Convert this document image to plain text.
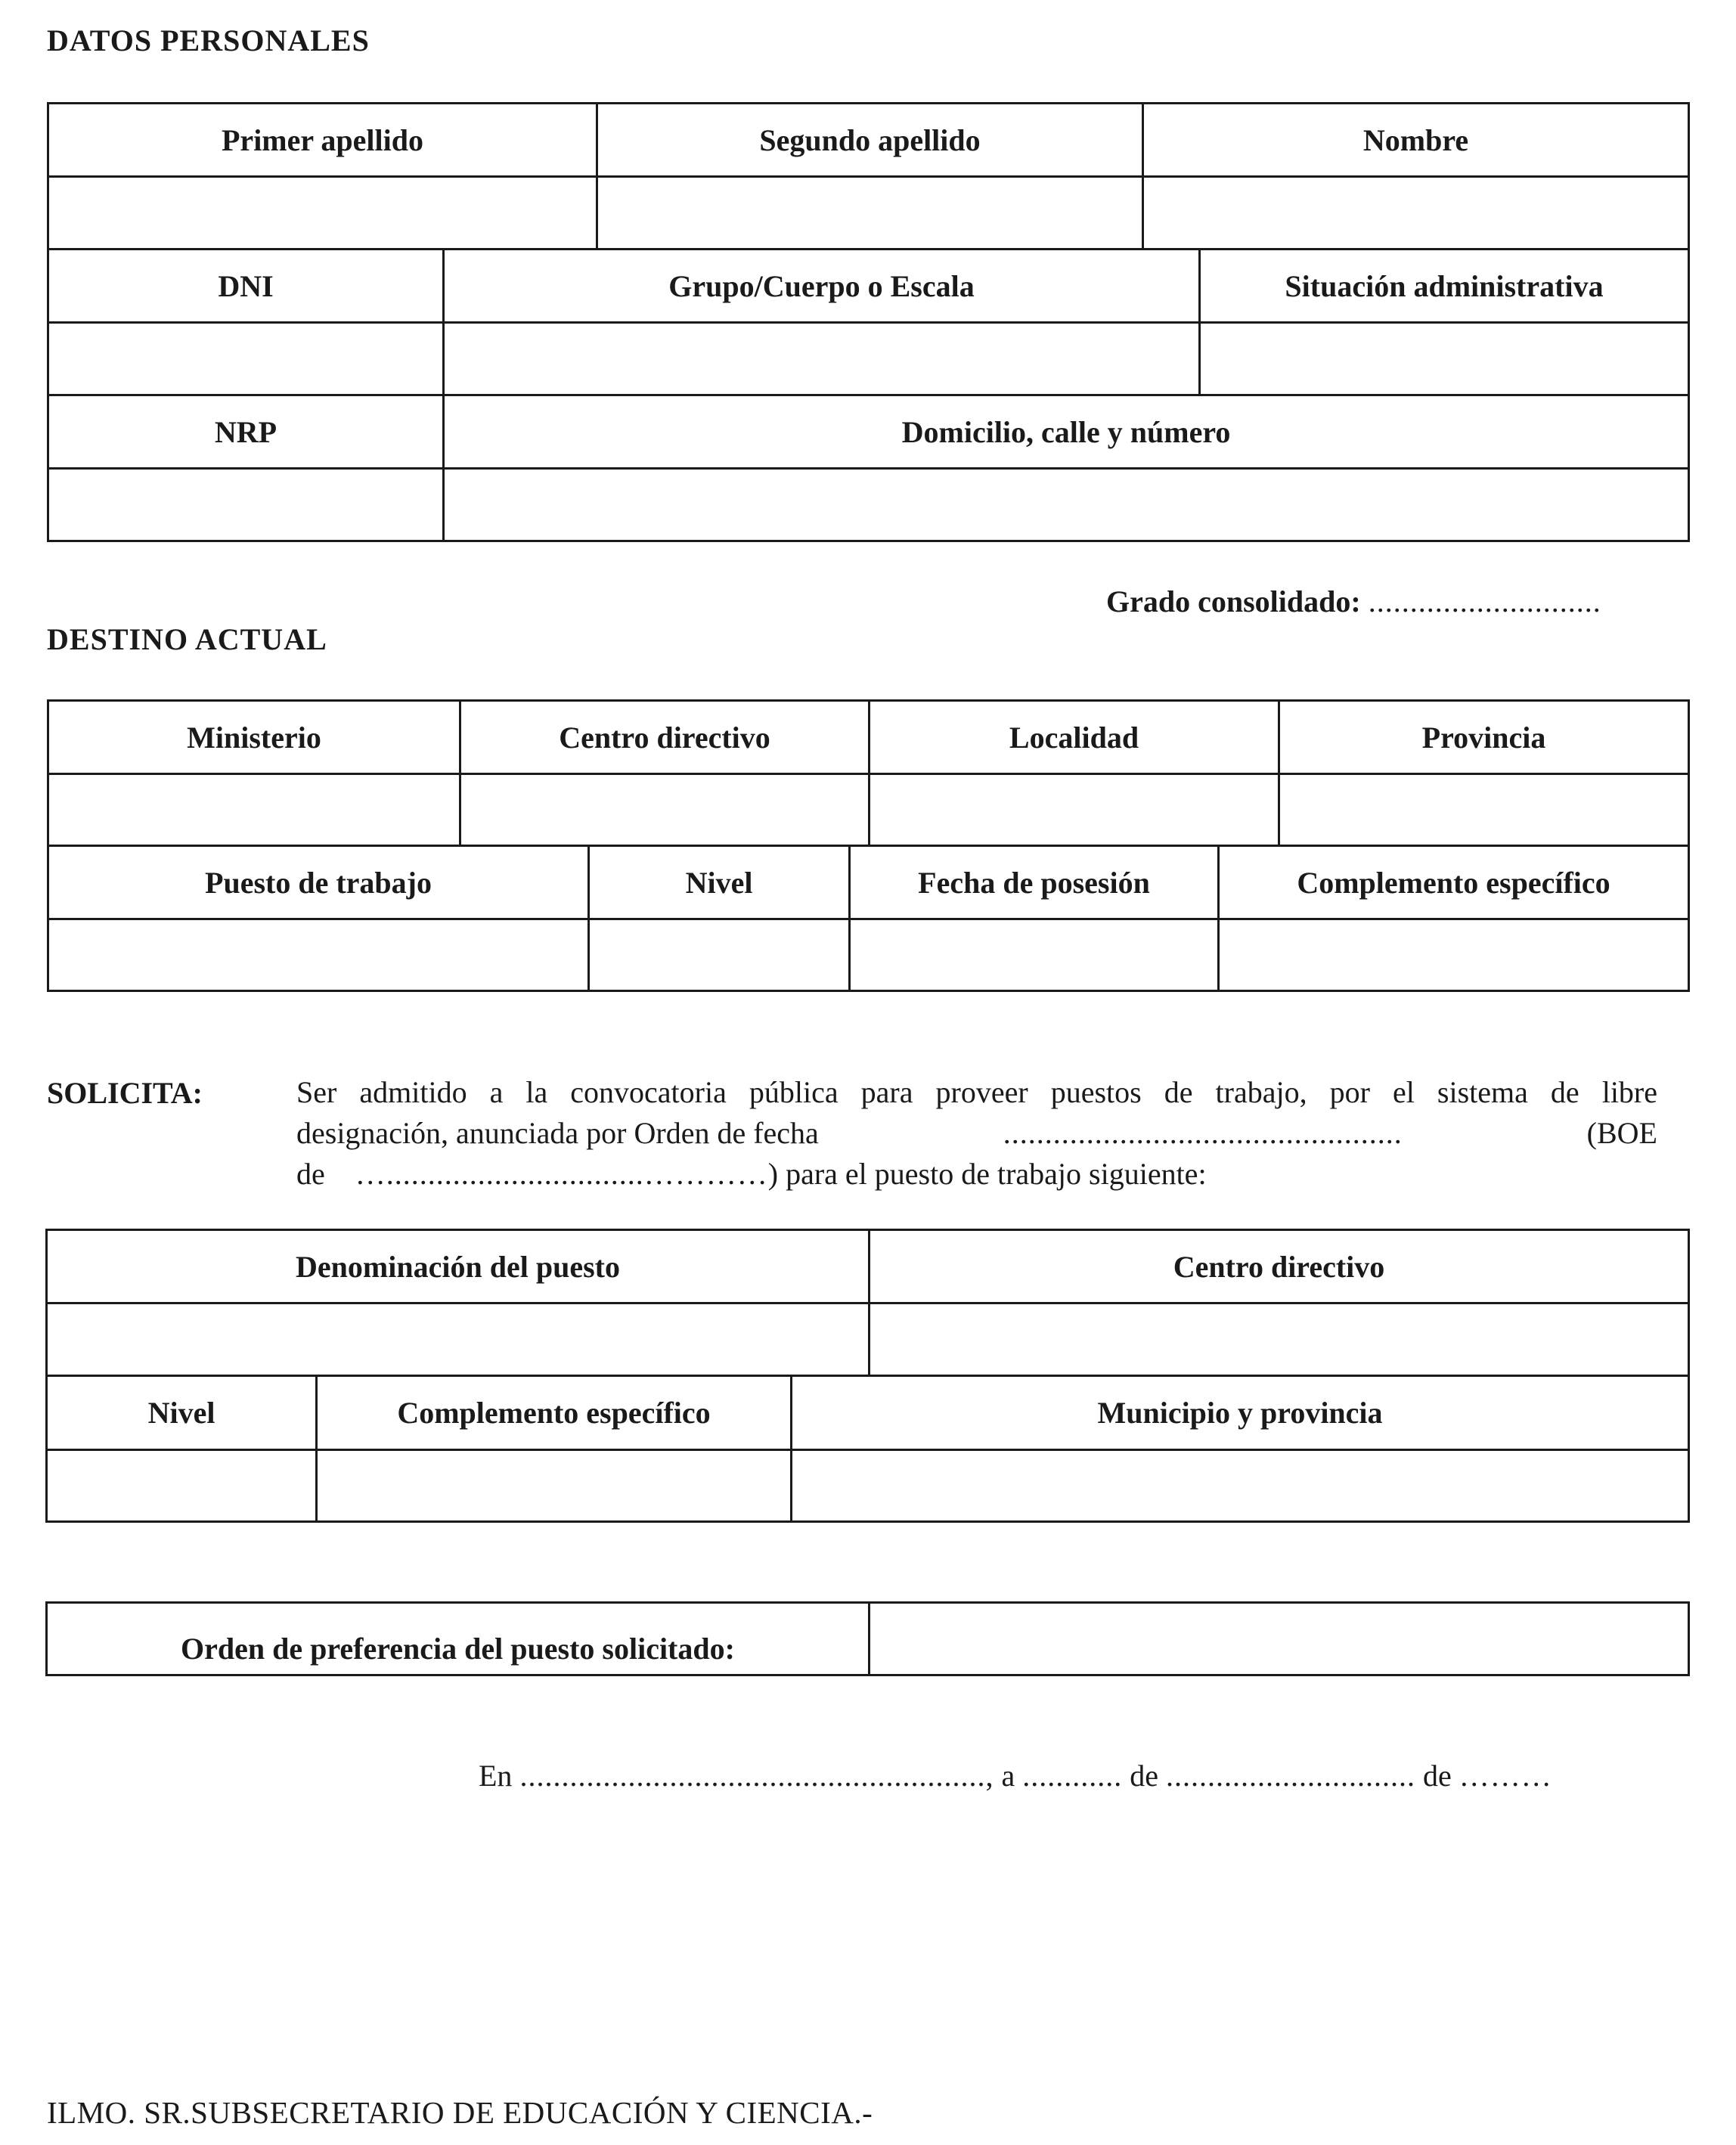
DATOS PERSONALES
Primer apellido	Segundo apellido	Nombre
DNI	Grupo/Cuerpo o Escala	Situación administrativa
NRP	Domicilio, calle y número
Grado consolidado: ............................
DESTINO ACTUAL
Ministerio	Centro directivo	Localidad	Provincia
Puesto de trabajo	Nivel	Fecha de posesión	Complemento específico
SOLICITA:	Ser admitido a la convocatoria pública para proveer puestos de trabajo, por el sistema de libre
designación, anunciada por Orden de fecha	................................................	(BOE
de …...............................…………) para el puesto de trabajo siguiente:
Denominación del puesto	Centro directivo
Nivel	Complemento específico	Municipio y provincia
Orden de preferencia del puesto solicitado:
En ........................................................, a ............ de .............................. de ………
ILMO. SR.SUBSECRETARIO DE EDUCACIÓN Y CIENCIA.-
